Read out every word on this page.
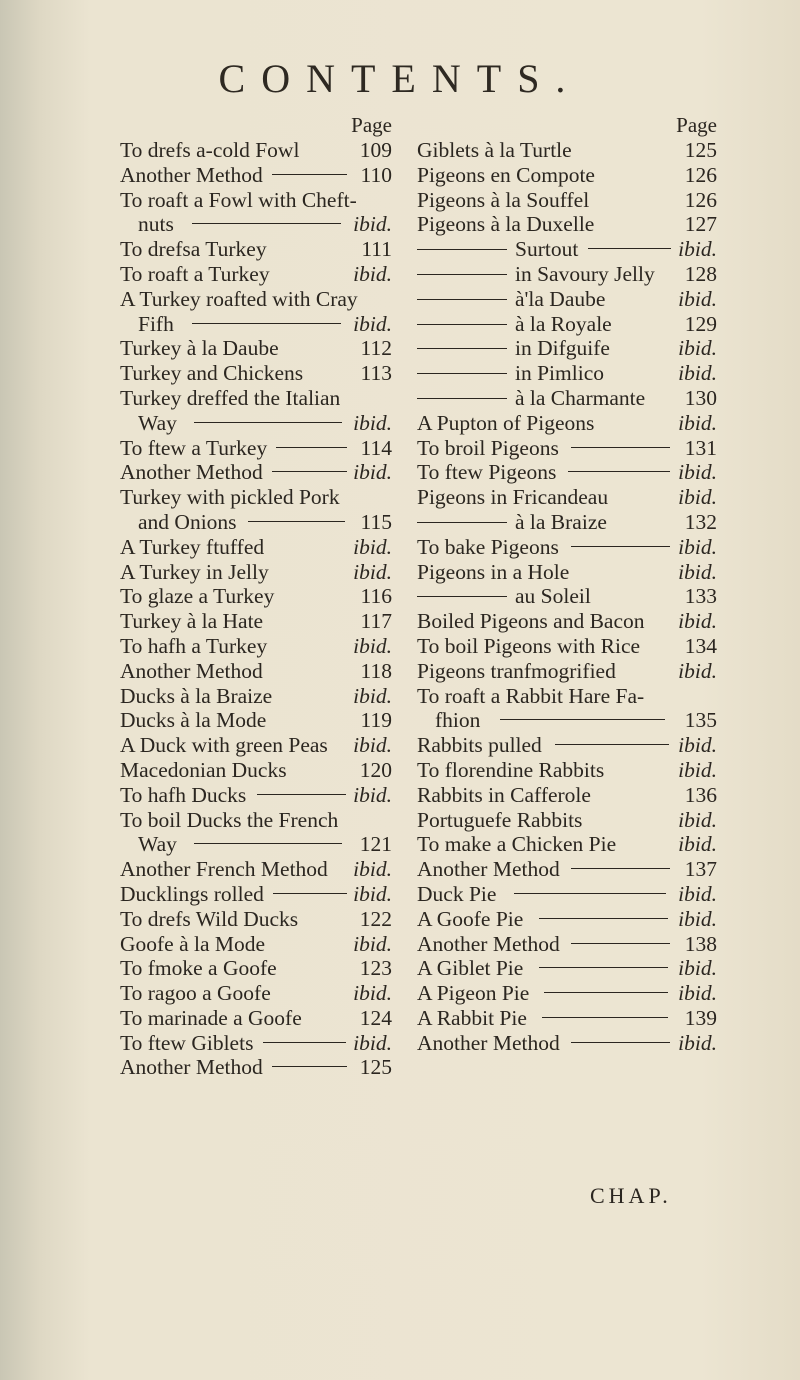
CONTENTS.
Page
To drefs a-cold Fowl	109
Another Method	110
To roaft a Fowl with Cheft-
nuts	ibid.
To drefsa Turkey	111
To roaft a Turkey	ibid.
A Turkey roafted with Cray
Fifh	ibid.
Turkey à la Daube	112
Turkey and Chickens	113
Turkey dreffed the Italian
Way	ibid.
To ftew a Turkey	114
Another Method	ibid.
Turkey with pickled Pork
and Onions	115
A Turkey ftuffed	ibid.
A Turkey in Jelly	ibid.
To glaze a Turkey	116
Turkey à la Hate	117
To hafh a Turkey	ibid.
Another Method	118
Ducks à la Braize	ibid.
Ducks à la Mode	119
A Duck with green Peas ibid.
Macedonian Ducks	120
To hafh Ducks	ibid.
To boil Ducks the French
Way	121
Another French Method ibid.
Ducklings rolled	ibid.
To drefs Wild Ducks	122
Goofe à la Mode	ibid.
To fmoke a Goofe	123
To ragoo a Goofe	ibid.
To marinade a Goofe	124
To ftew Giblets	ibid.
Another Method	125
Page
Giblets à la Turtle	125
Pigeons en Compote	126
Pigeons à la Souffel	126
Pigeons à la Duxelle	127
Surtout	ibid.
in Savoury Jelly	128
à'la Daube	ibid.
à la Royale	129
in Difguife	ibid.
in Pimlico	ibid.
à la Charmante	130
A Pupton of Pigeons	ibid.
To broil Pigeons	131
To ftew Pigeons	ibid.
Pigeons in Fricandeau	ibid.
à la Braize	132
To bake Pigeons	ibid.
Pigeons in a Hole	ibid.
au Soleil	133
Boiled Pigeons and Bacon ibid.
To boil Pigeons with Rice	134
Pigeons tranfmogrified	ibid.
To roaft a Rabbit Hare Fa-
fhion	135
Rabbits pulled	ibid.
To florendine Rabbits	ibid.
Rabbits in Cafferole	136
Portuguefe Rabbits	ibid.
To make a Chicken Pie	ibid.
Another Method	137
Duck Pie	ibid.
A Goofe Pie	ibid.
Another Method	138
A Giblet Pie	ibid.
A Pigeon Pie	ibid.
A Rabbit Pie	139
Another Method	ibid.
CHAP.
